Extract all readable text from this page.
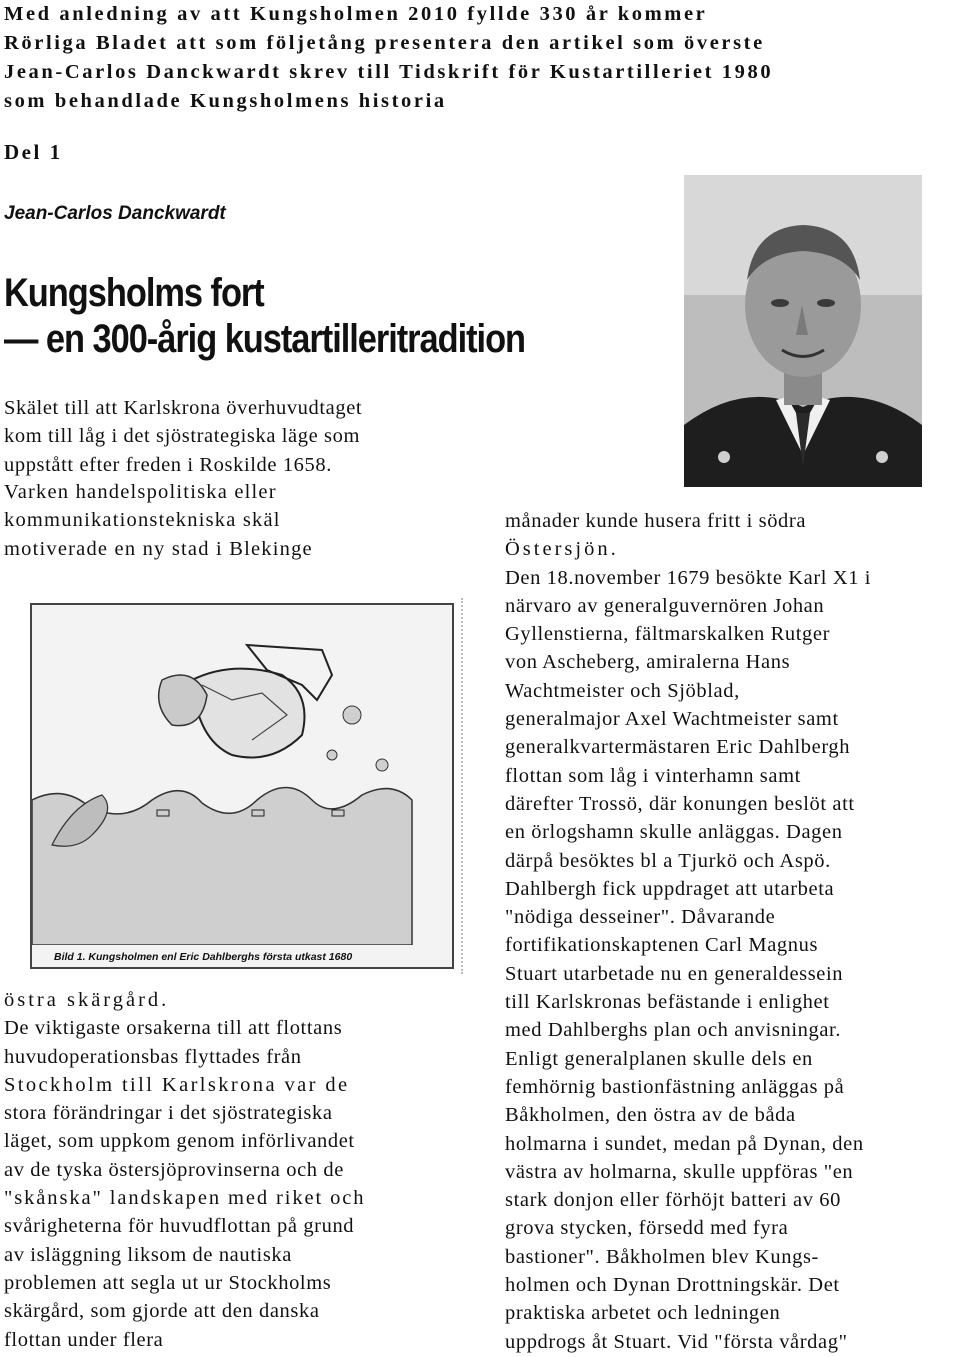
Med anledning av att Kungsholmen 2010 fyllde 330 år kommer
Rörliga Bladet att som följetång presentera den artikel som överste
Jean-Carlos Danckwardt skrev till Tidskrift för Kustartilleriet 1980
som behandlade Kungsholmens historia
Del 1
Jean-Carlos Danckwardt
Kungsholms fort
— en 300-årig kustartilleritradition
Skälet till att Karlskrona överhuvudtaget
kom till låg i det sjöstrategiska läge som
uppstått efter freden i Roskilde 1658.
Varken handelspolitiska eller
kommunikationstekniska skäl
motiverade en ny stad i Blekinge
Bild 1. Kungsholmen enl Eric Dahlberghs första utkast 1680
östra skärgård.
De viktigaste orsakerna till att flottans
huvudoperationsbas flyttades från
Stockholm till Karlskrona var de
stora förändringar i det sjöstrategiska
läget, som uppkom genom införlivandet
av de tyska östersjöprovinserna och de
"skånska" landskapen med riket och
svårigheterna för huvudflottan på grund
av isläggning liksom de nautiska
problemen att segla ut ur Stockholms
skärgård, som gjorde att den danska
flottan under flera
månader kunde husera fritt i södra
Östersjön.
Den 18.november 1679 besökte Karl X1 i
närvaro av generalguvernören Johan
Gyllenstierna, fältmarskalken Rutger
von Ascheberg, amiralerna Hans
Wachtmeister och Sjöblad,
generalmajor Axel Wachtmeister samt
generalkvartermästaren Eric Dahlbergh
flottan som låg i vinterhamn samt
därefter Trossö, där konungen beslöt att
en örlogshamn skulle anläggas. Dagen
därpå besöktes bl a Tjurkö och Aspö.
Dahlbergh fick uppdraget att utarbeta
"nödiga desseiner". Dåvarande
fortifikationskaptenen Carl Magnus
Stuart utarbetade nu en generaldessein
till Karlskronas befästande i enlighet
med Dahlberghs plan och anvisningar.
Enligt generalplanen skulle dels en
femhörnig bastionfästning anläggas på
Båkholmen, den östra av de båda
holmarna i sundet, medan på Dynan, den
västra av holmarna, skulle uppföras "en
stark donjon eller förhöjt batteri av 60
grova stycken, försedd med fyra
bastioner". Båkholmen blev Kungs-
holmen och Dynan Drottningskär. Det
praktiska arbetet och ledningen
uppdrogs åt Stuart. Vid "första vårdag"
